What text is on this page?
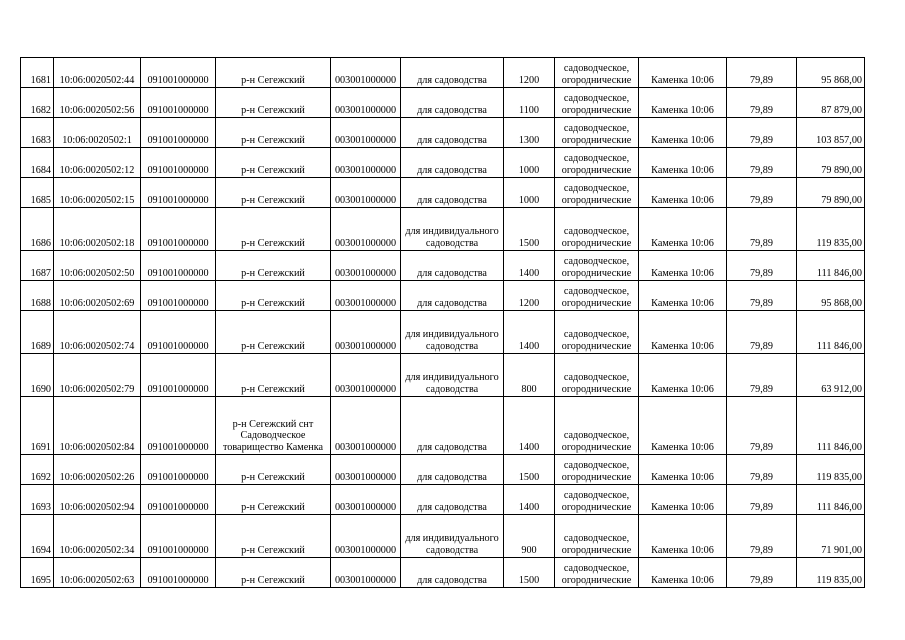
1681	10:06:0020502:44	091001000000	р-н Сегежский	003001000000	для садоводства	1200	садоводческое, огороднические	Каменка 10:06	79,89	95 868,00
1682	10:06:0020502:56	091001000000	р-н Сегежский	003001000000	для садоводства	1100	садоводческое, огороднические	Каменка 10:06	79,89	87 879,00
1683	10:06:0020502:1	091001000000	р-н Сегежский	003001000000	для садоводства	1300	садоводческое, огороднические	Каменка 10:06	79,89	103 857,00
1684	10:06:0020502:12	091001000000	р-н Сегежский	003001000000	для садоводства	1000	садоводческое, огороднические	Каменка 10:06	79,89	79 890,00
1685	10:06:0020502:15	091001000000	р-н Сегежский	003001000000	для садоводства	1000	садоводческое, огороднические	Каменка 10:06	79,89	79 890,00
1686	10:06:0020502:18	091001000000	р-н Сегежский	003001000000	для индивидуального садоводства	1500	садоводческое, огороднические	Каменка 10:06	79,89	119 835,00
1687	10:06:0020502:50	091001000000	р-н Сегежский	003001000000	для садоводства	1400	садоводческое, огороднические	Каменка 10:06	79,89	111 846,00
1688	10:06:0020502:69	091001000000	р-н Сегежский	003001000000	для садоводства	1200	садоводческое, огороднические	Каменка 10:06	79,89	95 868,00
1689	10:06:0020502:74	091001000000	р-н Сегежский	003001000000	для индивидуального садоводства	1400	садоводческое, огороднические	Каменка 10:06	79,89	111 846,00
1690	10:06:0020502:79	091001000000	р-н Сегежский	003001000000	для индивидуального садоводства	800	садоводческое, огороднические	Каменка 10:06	79,89	63 912,00
1691	10:06:0020502:84	091001000000	р-н Сегежский снт Садоводческое товарищество Каменка	003001000000	для садоводства	1400	садоводческое, огороднические	Каменка 10:06	79,89	111 846,00
1692	10:06:0020502:26	091001000000	р-н Сегежский	003001000000	для садоводства	1500	садоводческое, огороднические	Каменка 10:06	79,89	119 835,00
1693	10:06:0020502:94	091001000000	р-н Сегежский	003001000000	для садоводства	1400	садоводческое, огороднические	Каменка 10:06	79,89	111 846,00
1694	10:06:0020502:34	091001000000	р-н Сегежский	003001000000	для индивидуального садоводства	900	садоводческое, огороднические	Каменка 10:06	79,89	71 901,00
1695	10:06:0020502:63	091001000000	р-н Сегежский	003001000000	для садоводства	1500	садоводческое, огороднические	Каменка 10:06	79,89	119 835,00
